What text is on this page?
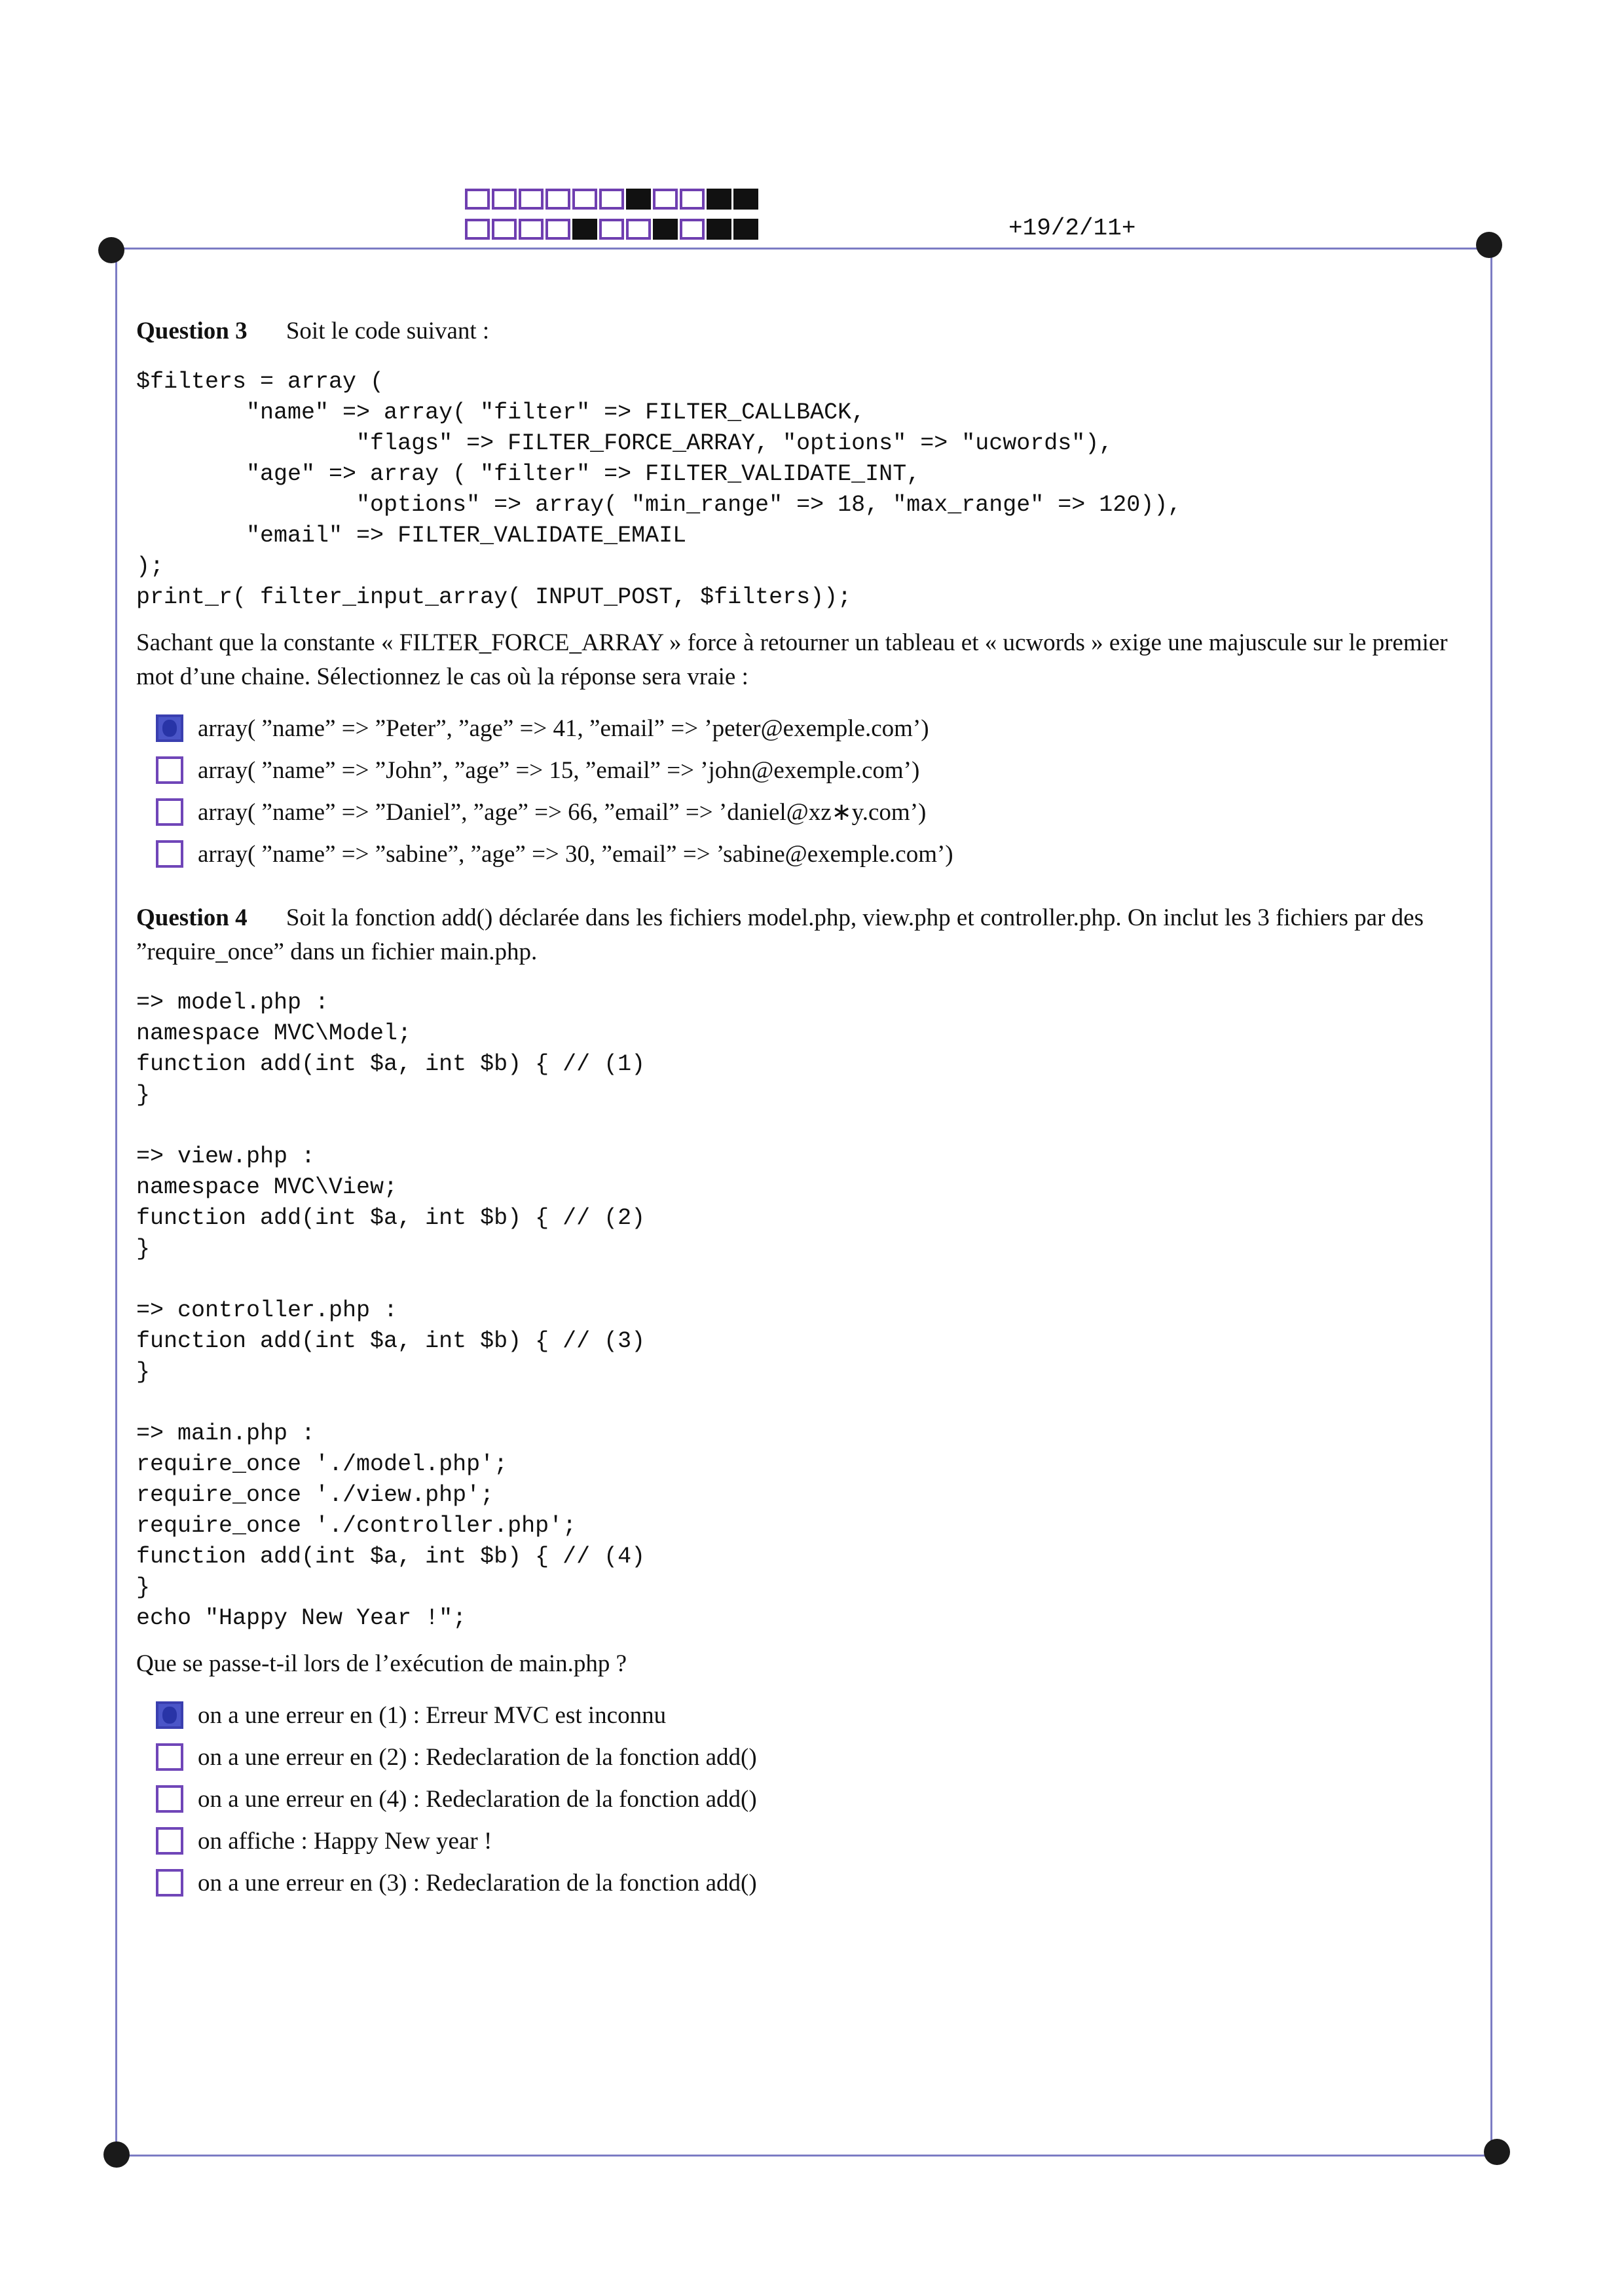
+19/2/11+
Question 3 Soit le code suivant :
$filters = array (
"name" => array( "filter" => FILTER_CALLBACK,
"flags" => FILTER_FORCE_ARRAY, "options" => "ucwords"),
"age" => array ( "filter" => FILTER_VALIDATE_INT,
"options" => array( "min_range" => 18, "max_range" => 120)),
"email" => FILTER_VALIDATE_EMAIL
);
print_r( filter_input_array( INPUT_POST, $filters));
Sachant que la constante « FILTER_FORCE_ARRAY » force à retourner un tableau et « ucwords » exige une majuscule sur le premier mot d’une chaine. Sélectionnez le cas où la réponse sera vraie :
array( ”name” => ”Peter”, ”age” => 41, ”email” => ’peter@exemple.com’)
array( ”name” => ”John”, ”age” => 15, ”email” => ’john@exemple.com’)
array( ”name” => ”Daniel”, ”age” => 66, ”email” => ’daniel@xz∗y.com’)
array( ”name” => ”sabine”, ”age” => 30, ”email” => ’sabine@exemple.com’)
Question 4 Soit la fonction add() déclarée dans les fichiers model.php, view.php et controller.php. On inclut les 3 fichiers par des ”require_once” dans un fichier main.php.
=> model.php :
namespace MVC\Model;
function add(int $a, int $b) { // (1)
}

=> view.php :
namespace MVC\View;
function add(int $a, int $b) { // (2)
}

=> controller.php :
function add(int $a, int $b) { // (3)
}

=> main.php :
require_once './model.php';
require_once './view.php';
require_once './controller.php';
function add(int $a, int $b) { // (4)
}
echo "Happy New Year !";
Que se passe-t-il lors de l’exécution de main.php ?
on a une erreur en (1) : Erreur MVC est inconnu
on a une erreur en (2) : Redeclaration de la fonction add()
on a une erreur en (4) : Redeclaration de la fonction add()
on affiche : Happy New year !
on a une erreur en (3) : Redeclaration de la fonction add()
